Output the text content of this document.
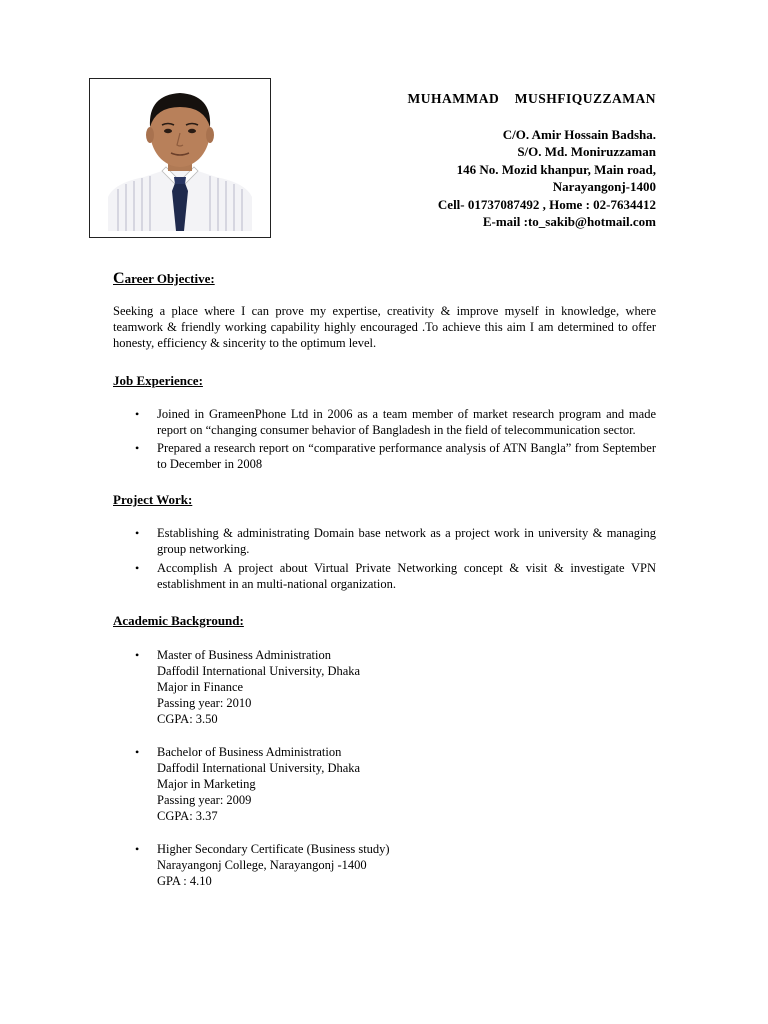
MUHAMMAD MUSHFIQUZZAMAN
C/O. Amir Hossain Badsha.
S/O. Md. Moniruzzaman
146 No. Mozid khanpur, Main road,
Narayangonj-1400
Cell- 01737087492 , Home : 02-7634412
E-mail :to_sakib@hotmail.com
Career Objective:
Seeking a place where I can prove my expertise, creativity & improve myself in knowledge, where teamwork & friendly working capability highly encouraged .To achieve this aim I am determined to offer honesty, efficiency & sincerity to the optimum level.
Job Experience:
• Joined in GrameenPhone Ltd in 2006 as a team member of market research program and made report on “changing consumer behavior of Bangladesh in the field of telecommunication sector.
• Prepared a research report on “comparative performance analysis of ATN Bangla” from September to December in 2008
Project Work:
• Establishing & administrating Domain base network as a project work in university & managing group networking.
• Accomplish A project about Virtual Private Networking concept & visit & investigate VPN establishment in an multi-national organization.
Academic Background:
• Master of Business Administration
Daffodil International University, Dhaka
Major in Finance
Passing year: 2010
CGPA: 3.50
• Bachelor of Business Administration
Daffodil International University, Dhaka
Major in Marketing
Passing year: 2009
CGPA: 3.37
• Higher Secondary Certificate (Business study)
Narayangonj College, Narayangonj -1400
GPA : 4.10
